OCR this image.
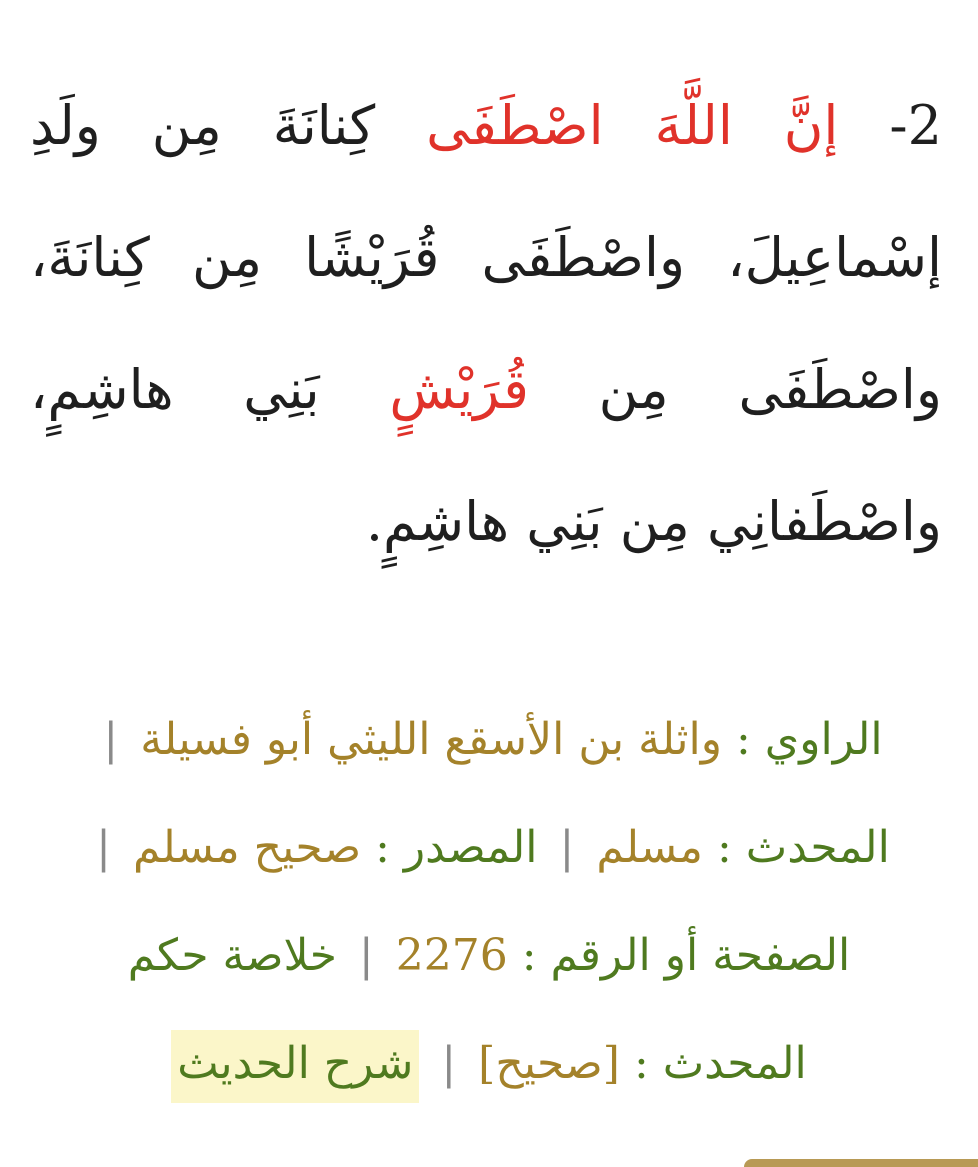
2- إنَّ اللَّهَ اصْطَفَى كِنانَةَ مِن ولَدِ إسْماعِيلَ، واصْطَفَى قُرَيْشًا مِن كِنانَةَ، واصْطَفَى مِن قُرَيْشٍ بَنِي هاشِمٍ، واصْطَفانِي مِن بَنِي هاشِمٍ.
الراوي : واثلة بن الأسقع الليثي أبو فسيلة | المحدث : مسلم | المصدر : صحيح مسلم | الصفحة أو الرقم : 2276 | خلاصة حكم المحدث : [صحيح] | شرح الحديث
